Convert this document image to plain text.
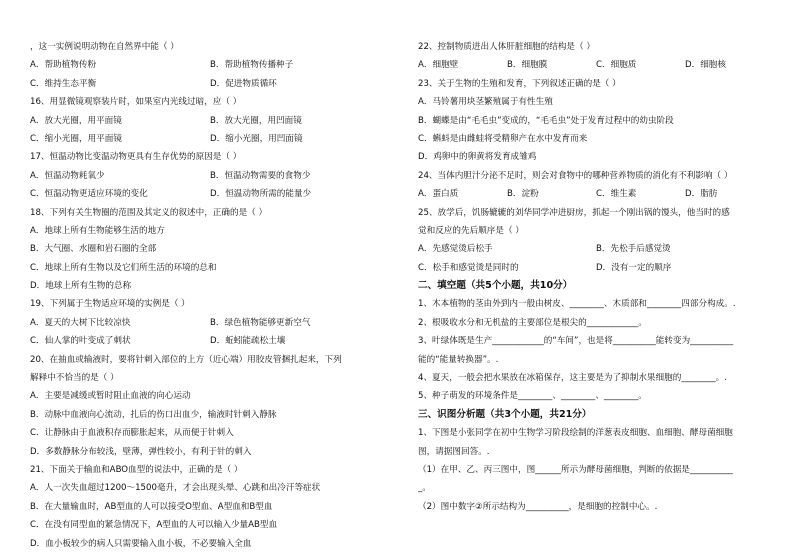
，这一实例说明动物在自然界中能（ ）
A．帮助植物传粉	B．帮助植物传播种子
C．维持生态平衡	D．促进物质循环
16、用显微镜观察装片时，如果室内光线过暗，应（ ）
A．放大光圈，用平面镜	B．放大光圈，用凹面镜
C．缩小光圈，用平面镜	D．缩小光圈，用凹面镜
17、恒温动物比变温动物更具有生存优势的原因是（ ）
A．恒温动物耗氧少	B．恒温动物需要的食物少
C．恒温动物更适应环境的变化	D．恒温动物所需的能量少
18、下列有关生物圈的范围及其定义的叙述中，正确的是（ ）
A．地球上所有生物能够生活的地方
B．大气圈、水圈和岩石圈的全部
C．地球上所有生物以及它们所生活的环境的总和
D．地球上所有生物的总称
19、下列属于生物适应环境的实例是（ ）
A．夏天的大树下比较凉快	B．绿色植物能够更新空气
C．仙人掌的叶变成了刺状	D．蚯蚓能疏松土壤
20、在抽血或输液时，要将针刺入部位的上方（近心端）用胶皮管捆扎起来，下列
解释中不恰当的是（ ）
A．主要是减缓或暂时阻止血液的向心运动
B．动脉中血液向心流动，扎后的伤口出血少，输液时针刺入静脉
C．让静脉由于血液积存而膨胀起来，从而便于针刺入
D．多数静脉分布较浅，壁薄，弹性较小，有利于针的刺入
21、下面关于输血和ABO血型的说法中，正确的是（ ）
A．人一次失血超过1200～1500毫升，才会出现头晕、心跳和出冷汗等症状
B．在大量输血时，AB型血的人可以接受O型血、A型血和B型血
C．在没有同型血的紧急情况下，A型血的人可以输入少量AB型血
D．血小板较少的病人只需要输入血小板，不必要输入全血
22、控制物质进出人体肝脏细胞的结构是（ ）
A．细胞壁	B．细胞膜	C．细胞质	D．细胞核
23、关于生物的生殖和发育，下列叙述正确的是（ ）
A．马铃薯用块茎繁殖属于有性生殖
B．蝴蝶是由“毛毛虫”变成的，“毛毛虫”处于发育过程中的幼虫阶段
C．蝌蚪是由雌蛙将受精卵产在水中发育而来
D．鸡卵中的卵黄将发育成雏鸡
24、当体内胆汁分泌不足时，则会对食物中的哪种营养物质的消化有不利影响（ ）
A．蛋白质	B．淀粉	C．维生素	D．脂肪
25、放学后，饥肠辘辘的刘华同学冲进厨房，抓起一个刚出锅的馒头，他当时的感
觉和反应的先后顺序是（ ）
A．先感觉烫后松手	B．先松手后感觉烫
C．松手和感觉烫是同时的	D．没有一定的顺序
二、填空题（共5个小题，共10分）
1、木本植物的茎由外到内一般由树皮、________、木质部和________四部分构成。.
2、根吸收水分和无机盐的主要部位是根尖的____________。
3、叶绿体既是生产____________的“车间”，也是将__________能转变为__________
能的“能量转换器”。.
4、夏天，一般会把水果放在冰箱保存，这主要是为了抑制水果细胞的________。.
5、种子萌发的环境条件是________、________、________。
三、识图分析题（共3个小题，共21分）
1、下图是小张同学在初中生物学习阶段绘制的洋葱表皮细胞、血细胞、酵母菌细胞
图，请据图回答。.
（1）在甲、乙、丙三图中，图______所示为酵母菌细胞，判断的依据是__________
_。
（2）图中数字②所示结构为__________，是细胞的控制中心。.
